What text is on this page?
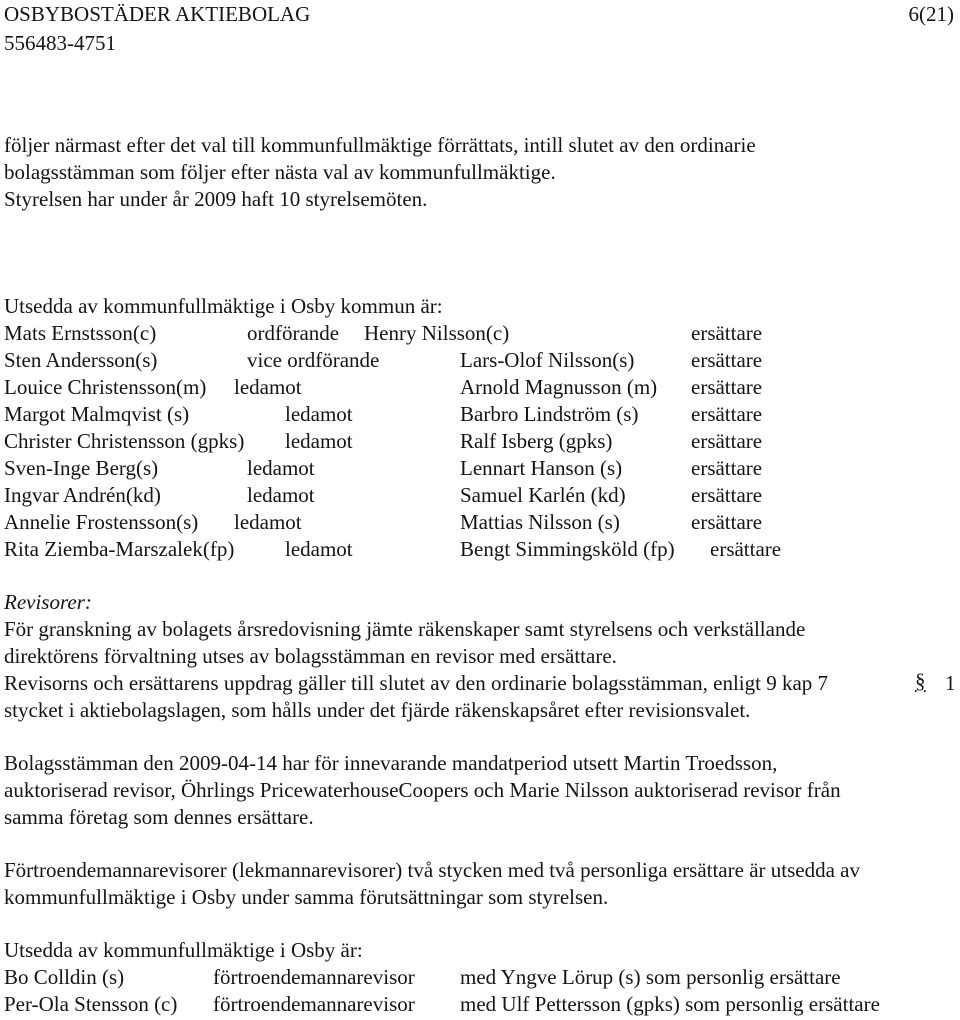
OSBYBOSTÄDER AKTIEBOLAG	6(21)
556483-4751
följer närmast efter det val till kommunfullmäktige förrättats, intill slutet av den ordinarie
bolagsstämman som följer efter nästa val av kommunfullmäktige.
Styrelsen har under år 2009 haft 10 styrelsemöten.
Utsedda av kommunfullmäktige i Osby kommun är:
Mats Ernstsson(c)	ordförande Henry Nilsson(c)	ersättare
Sten Andersson(s)	vice ordförande	Lars-Olof Nilsson(s)	ersättare
Louice Christensson(m) ledamot	Arnold Magnusson (m) ersättare
Margot Malmqvist (s)	ledamot	Barbro Lindström (s)	ersättare
Christer Christensson (gpks) ledamot	Ralf Isberg (gpks)	ersättare
Sven-Inge Berg(s)	ledamot	Lennart Hanson (s)	ersättare
Ingvar Andrén(kd)	ledamot	Samuel Karlén (kd)	ersättare
Annelie Frostensson(s) ledamot	Mattias Nilsson (s)	ersättare
Rita Ziemba-Marszalek(fp) ledamot	Bengt Simmingsköld (fp) ersättare
Revisorer:
För granskning av bolagets årsredovisning jämte räkenskaper samt styrelsens och verkställande
direktörens förvaltning utses av bolagsstämman en revisor med ersättare.
Revisorns och ersättarens uppdrag gäller till slutet av den ordinarie bolagsstämman, enligt 9 kap 7	§ 1
stycket i aktiebolagslagen, som hålls under det fjärde räkenskapsåret efter revisionsvalet.
Bolagsstämman den 2009-04-14 har för innevarande mandatperiod utsett Martin Troedsson,
auktoriserad revisor, Öhrlings PricewaterhouseCoopers och Marie Nilsson auktoriserad revisor från
samma företag som dennes ersättare.
Förtroendemannarevisorer (lekmannarevisorer) två stycken med två personliga ersättare är utsedda av
kommunfullmäktige i Osby under samma förutsättningar som styrelsen.
Utsedda av kommunfullmäktige i Osby är:
Bo Colldin (s)	förtroendemannarevisor med Yngve Lörup (s) som personlig ersättare
Per-Ola Stensson (c) förtroendemannarevisor med Ulf Pettersson (gpks) som personlig ersättare
